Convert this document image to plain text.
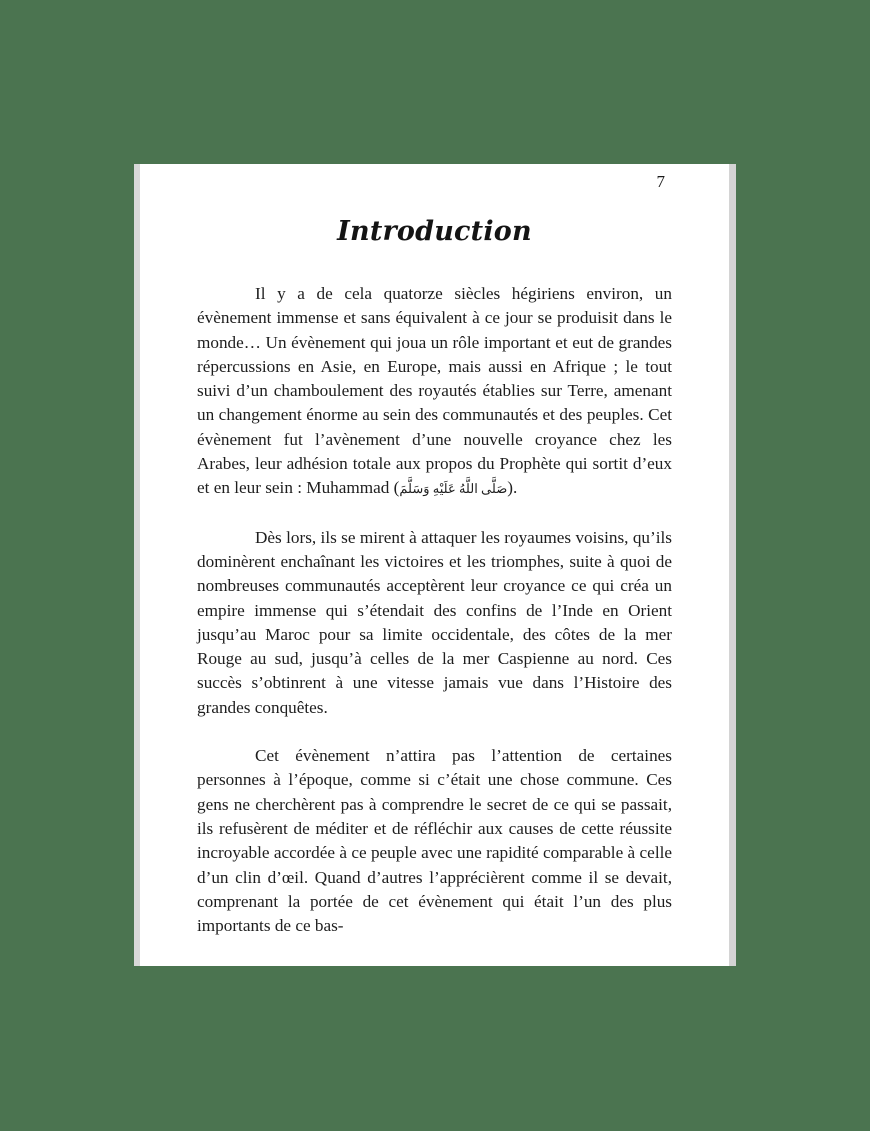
7
Introduction

Il y a de cela quatorze siècles hégiriens environ, un évènement immense et sans équivalent à ce jour se produisit dans le monde… Un évènement qui joua un rôle important et eut de grandes répercussions en Asie, en Europe, mais aussi en Afrique ; le tout suivi d’un chamboulement des royautés établies sur Terre, amenant un changement énorme au sein des communautés et des peuples. Cet évènement fut l’avènement d’une nouvelle croyance chez les Arabes, leur adhésion totale aux propos du Prophète qui sortit d’eux et en leur sein : Muhammad (صَلَّى اللَّهُ عَلَيْهِ وَسَلَّمَ).

Dès lors, ils se mirent à attaquer les royaumes voisins, qu’ils dominèrent enchaînant les victoires et les triomphes, suite à quoi de nombreuses communautés acceptèrent leur croyance ce qui créa un empire immense qui s’étendait des confins de l’Inde en Orient jusqu’au Maroc pour sa limite occidentale, des côtes de la mer Rouge au sud, jusqu’à celles de la mer Caspienne au nord. Ces succès s’obtinrent à une vitesse jamais vue dans l’Histoire des grandes conquêtes.

Cet évènement n’attira pas l’attention de certaines personnes à l’époque, comme si c’était une chose commune. Ces gens ne cherchèrent pas à comprendre le secret de ce qui se passait, ils refusèrent de méditer et de réfléchir aux causes de cette réussite incroyable accordée à ce peuple avec une rapidité comparable à celle d’un clin d’œil. Quand d’autres l’apprécièrent comme il se devait, comprenant la portée de cet évènement qui était l’un des plus importants de ce bas-
